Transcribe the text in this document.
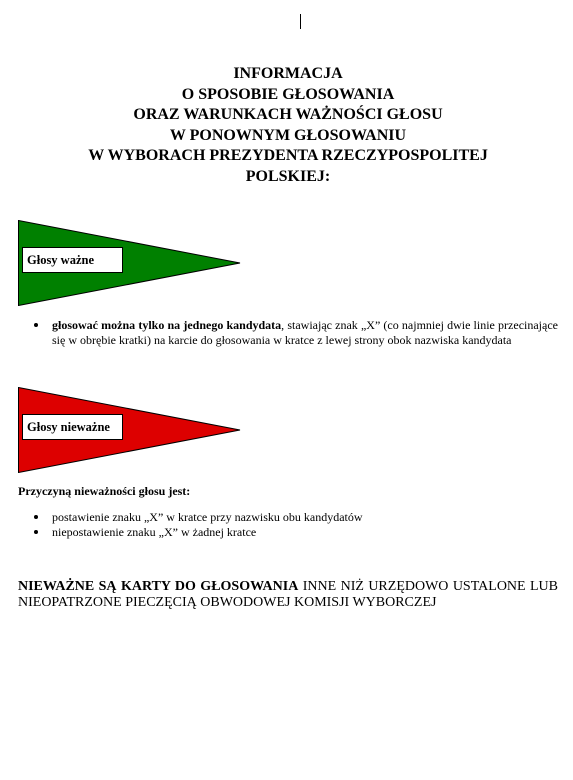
INFORMACJA
O SPOSOBIE GŁOSOWANIA
ORAZ WARUNKACH WAŻNOŚCI GŁOSU
W PONOWNYM GŁOSOWANIU
W WYBORACH PREZYDENTA RZECZYPOSPOLITEJ
POLSKIEJ:
Głosy ważne
głosować można tylko na jednego kandydata, stawiając znak „X” (co najmniej dwie linie przecinające się w obrębie kratki) na karcie do głosowania w kratce z lewej strony obok nazwiska kandydata
Głosy nieważne
Przyczyną nieważności głosu jest:
postawienie znaku „X” w kratce przy nazwisku obu kandydatów
niepostawienie znaku „X” w żadnej kratce
NIEWAŻNE SĄ KARTY DO GŁOSOWANIA INNE NIŻ URZĘDOWO USTALONE LUB NIEOPATRZONE PIECZĘCIĄ OBWODOWEJ KOMISJI WYBORCZEJ
